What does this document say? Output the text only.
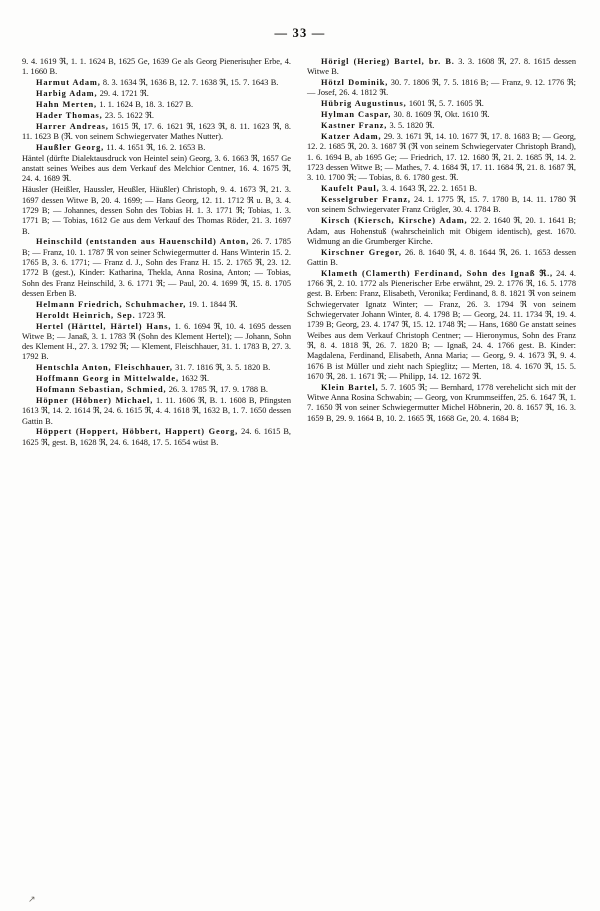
— 33 —

9. 4. 1619 ℜ, 1. 1. 1624 B, 1625 Ge, 1639 Ge als Georg Pienerisцher Erbe, 4. 1. 1660 B.

Harmut Adam, 8. 3. 1634 ℜ, 1636 B, 12. 7. 1638 ℜ, 15. 7. 1643 B.

Harbig Adam, 29. 4. 1721 ℜ.

Hahn Merten, 1. 1. 1624 B, 18. 3. 1627 B.

Hader Thomas, 23. 5. 1622 ℜ.

Harrer Andreas, 1615 ℜ, 17. 6. 1621 ℜ, 1623 ℜ, 8. 11. 1623 ℜ, 8. 11. 1623 B (ℜ. von seinem Schwiegervater Mathes Nutter).

Haußler Georg, 11. 4. 1651 ℜ, 16. 2. 1653 B.

Häntel (dürfte Dialektausdruck von Heintel sein) Georg, 3. 6. 1663 ℜ, 1657 Ge anstatt seines Weibes aus dem Verkauf des Melchior Centner, 16. 4. 1675 ℜ, 24. 4. 1689 ℜ.

Häusler (Heißler, Haussler, Heußler, Häußler) Christoph, 9. 4. 1673 ℜ, 21. 3. 1697 dessen Witwe B, 20. 4. 1699; — Hans Georg, 12. 11. 1712 ℜ u. B, 3. 4. 1729 B; — Johannes, dessen Sohn des Tobias H. 1. 3. 1771 ℜ; Tobias, 1. 3. 1771 B; — Tobias, 1612 Ge aus dem Verkauf des Thomas Röder, 21. 3. 1697 B.

Heinschild (entstanden aus Hauenschild) Anton, 26. 7. 1785 B; — Franz, 10. 1. 1787 ℜ von seiner Schwiegermutter d. Hans Winterin 15. 2. 1765 B, 3. 6. 1771; — Franz d. J., Sohn des Franz H. 15. 2. 1765 ℜ, 23. 12. 1772 B (gest.), Kinder: Katharina, Thekla, Anna Rosina, Anton; — Tobias, Sohn des Franz Heinschild, 3. 6. 1771 ℜ; — Paul, 20. 4. 1699 ℜ, 15. 8. 1705 dessen Erben B.

Helmann Friedrich, Schuhmacher, 19. 1. 1844 ℜ.

Heroldt Heinrich, Sep. 1723 ℜ.

Hertel (Härttel, Härtel) Hans, 1. 6. 1694 ℜ, 10. 4. 1695 dessen Witwe B; — Janaß, 3. 1. 1783 ℜ (Sohn des Klement Hertel); — Johann, Sohn des Klement H., 27. 3. 1792 ℜ; — Klement, Fleischhauer, 31. 1. 1783 B, 27. 3. 1792 B.

Hentschla Anton, Fleischhauer, 31. 7. 1816 ℜ, 3. 5. 1820 B.

Hoffmann Georg in Mittelwalde, 1632 ℜ.

Hofmann Sebastian, Schmied, 26. 3. 1785 ℜ, 17. 9. 1788 B.

Höpner (Höbner) Michael, 1. 11. 1606 ℜ, B. 1. 1608 B, Pfingsten 1613 ℜ, 14. 2. 1614 ℜ, 24. 6. 1615 ℜ, 4. 4. 1618 ℜ, 1632 B, 1. 7. 1650 dessen Gattin B.

Höppert (Hoppert, Höbbert, Happert) Georg, 24. 6. 1615 B, 1625 ℜ, gest. B, 1628 ℜ, 24. 6. 1648, 17. 5. 1654 wüst B.

Hörigl (Herieg) Bartel, br. B. 3. 3. 1608 ℜ, 27. 8. 1615 dessen Witwe B.

Hötzl Dominik, 30. 7. 1806 ℜ, 7. 5. 1816 B; — Franz, 9. 12. 1776 ℜ; — Josef, 26. 4. 1812 ℜ.

Hübrig Augustinus, 1601 ℜ, 5. 7. 1605 ℜ.

Hylman Caspar, 30. 8. 1609 ℜ, Okt. 1610 ℜ.

Kastner Franz, 3. 5. 1820 ℜ.

Katzer Adam, 29. 3. 1671 ℜ, 14. 10. 1677 ℜ, 17. 8. 1683 B; — Georg, 12. 2. 1685 ℜ, 20. 3. 1687 ℜ (ℜ von seinem Schwiegervater Christoph Brand), 1. 6. 1694 B, ab 1695 Ge; — Friedrich, 17. 12. 1680 ℜ, 21. 2. 1685 ℜ, 14. 2. 1723 dessen Witwe B; — Mathes, 7. 4. 1684 ℜ, 17. 11. 1684 ℜ, 21. 8. 1687 ℜ, 3. 10. 1700 ℜ; — Tobias, 8. 6. 1780 gest. ℜ.

Kaufelt Paul, 3. 4. 1643 ℜ, 22. 2. 1651 B.

Kesselgruber Franz, 24. 1. 1775 ℜ, 15. 7. 1780 B, 14. 11. 1780 ℜ von seinem Schwiegervater Franz Crögler, 30. 4. 1784 B.

Kirsch (Kiersch, Kirsche) Adam, 22. 2. 1640 ℜ, 20. 1. 1641 B; Adam, aus Hohenstuß (wahrscheinlich mit Obigem identisch), gest. 1670. Widmung an die Grumberger Kirche.

Kirschner Gregor, 26. 8. 1640 ℜ, 4. 8. 1644 ℜ, 26. 1. 1653 dessen Gattin B.

Klameth (Clamerth) Ferdinand, Sohn des Ignaß ℜ., 24. 4. 1766 ℜ, 2. 10. 1772 als Pienerischer Erbe erwähnt, 29. 2. 1776 ℜ, 16. 5. 1778 gest. B. Erben: Franz, Elisabeth, Veronika; Ferdinand, 8. 8. 1821 ℜ von seinem Schwiegervater Ignatz Winter; — Franz, 26. 3. 1794 ℜ von seinem Schwiegervater Johann Winter, 8. 4. 1798 B; — Georg, 24. 11. 1734 ℜ, 19. 4. 1739 B; Georg, 23. 4. 1747 ℜ, 15. 12. 1748 ℜ; — Hans, 1680 Ge anstatt seines Weibes aus dem Verkauf Christoph Centner; — Hieronymus, Sohn des Franz ℜ, 8. 4. 1818 ℜ, 26. 7. 1820 B; — Ignaß, 24. 4. 1766 gest. B. Kinder: Magdalena, Ferdinand, Elisabeth, Anna Maria; — Georg, 9. 4. 1673 ℜ, 9. 4. 1676 B ist Müller und zieht nach Spieglitz; — Merten, 18. 4. 1670 ℜ, 15. 5. 1670 ℜ, 28. 1. 1671 ℜ; — Philipp, 14. 12. 1672 ℜ.

Klein Bartel, 5. 7. 1605 ℜ; — Bernhard, 1778 verehelicht sich mit der Witwe Anna Rosina Schwabin; — Georg, von Krummseiffen, 25. 6. 1647 ℜ, 1. 7. 1650 ℜ von seiner Schwiegermutter Michel Höbnerin, 20. 8. 1657 ℜ, 16. 3. 1659 B, 29. 9. 1664 B, 10. 2. 1665 ℜ, 1668 Ge, 20. 4. 1684 B;

↗
